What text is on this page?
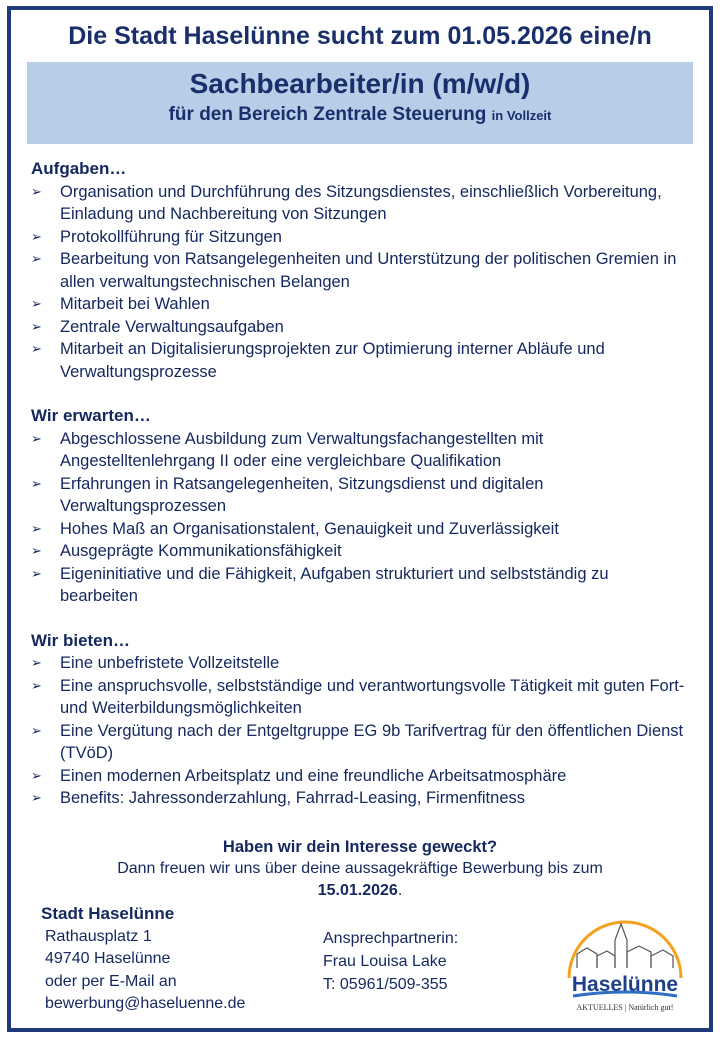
Die Stadt Haselünne sucht zum 01.05.2026 eine/n
Sachbearbeiter/in (m/w/d)
für den Bereich Zentrale Steuerung in Vollzeit
Aufgaben…
➢	Organisation und Durchführung des Sitzungsdienstes, einschließlich Vorbereitung, Einladung und Nachbereitung von Sitzungen
➢	Protokollführung für Sitzungen
➢	Bearbeitung von Ratsangelegenheiten und Unterstützung der politischen Gremien in allen verwaltungstechnischen Belangen
➢	Mitarbeit bei Wahlen
➢	Zentrale Verwaltungsaufgaben
➢	Mitarbeit an Digitalisierungsprojekten zur Optimierung interner Abläufe und Verwaltungsprozesse
Wir erwarten…
➢	Abgeschlossene Ausbildung zum Verwaltungsfachangestellten mit Angestelltenlehrgang II oder eine vergleichbare Qualifikation
➢	Erfahrungen in Ratsangelegenheiten, Sitzungsdienst und digitalen Verwaltungsprozessen
➢	Hohes Maß an Organisationstalent, Genauigkeit und Zuverlässigkeit
➢	Ausgeprägte Kommunikationsfähigkeit
➢	Eigeninitiative und die Fähigkeit, Aufgaben strukturiert und selbstständig zu bearbeiten
Wir bieten…
➢	Eine unbefristete Vollzeitstelle
➢	Eine anspruchsvolle, selbstständige und verantwortungsvolle Tätigkeit mit guten Fort- und Weiterbildungsmöglichkeiten
➢	Eine Vergütung nach der Entgeltgruppe EG 9b Tarifvertrag für den öffentlichen Dienst (TVöD)
➢	Einen modernen Arbeitsplatz und eine freundliche Arbeitsatmosphäre
➢	Benefits: Jahressonderzahlung, Fahrrad-Leasing, Firmenfitness
Haben wir dein Interesse geweckt?
Dann freuen wir uns über deine aussagekräftige Bewerbung bis zum
15.01.2026.
Stadt Haselünne
Rathausplatz 1
49740 Haselünne
oder per E-Mail an
bewerbung@haseluenne.de
Ansprechpartnerin:
Frau Louisa Lake
T: 05961/509-355	Haselünne
AKTUELLES | Natürlich gut!
